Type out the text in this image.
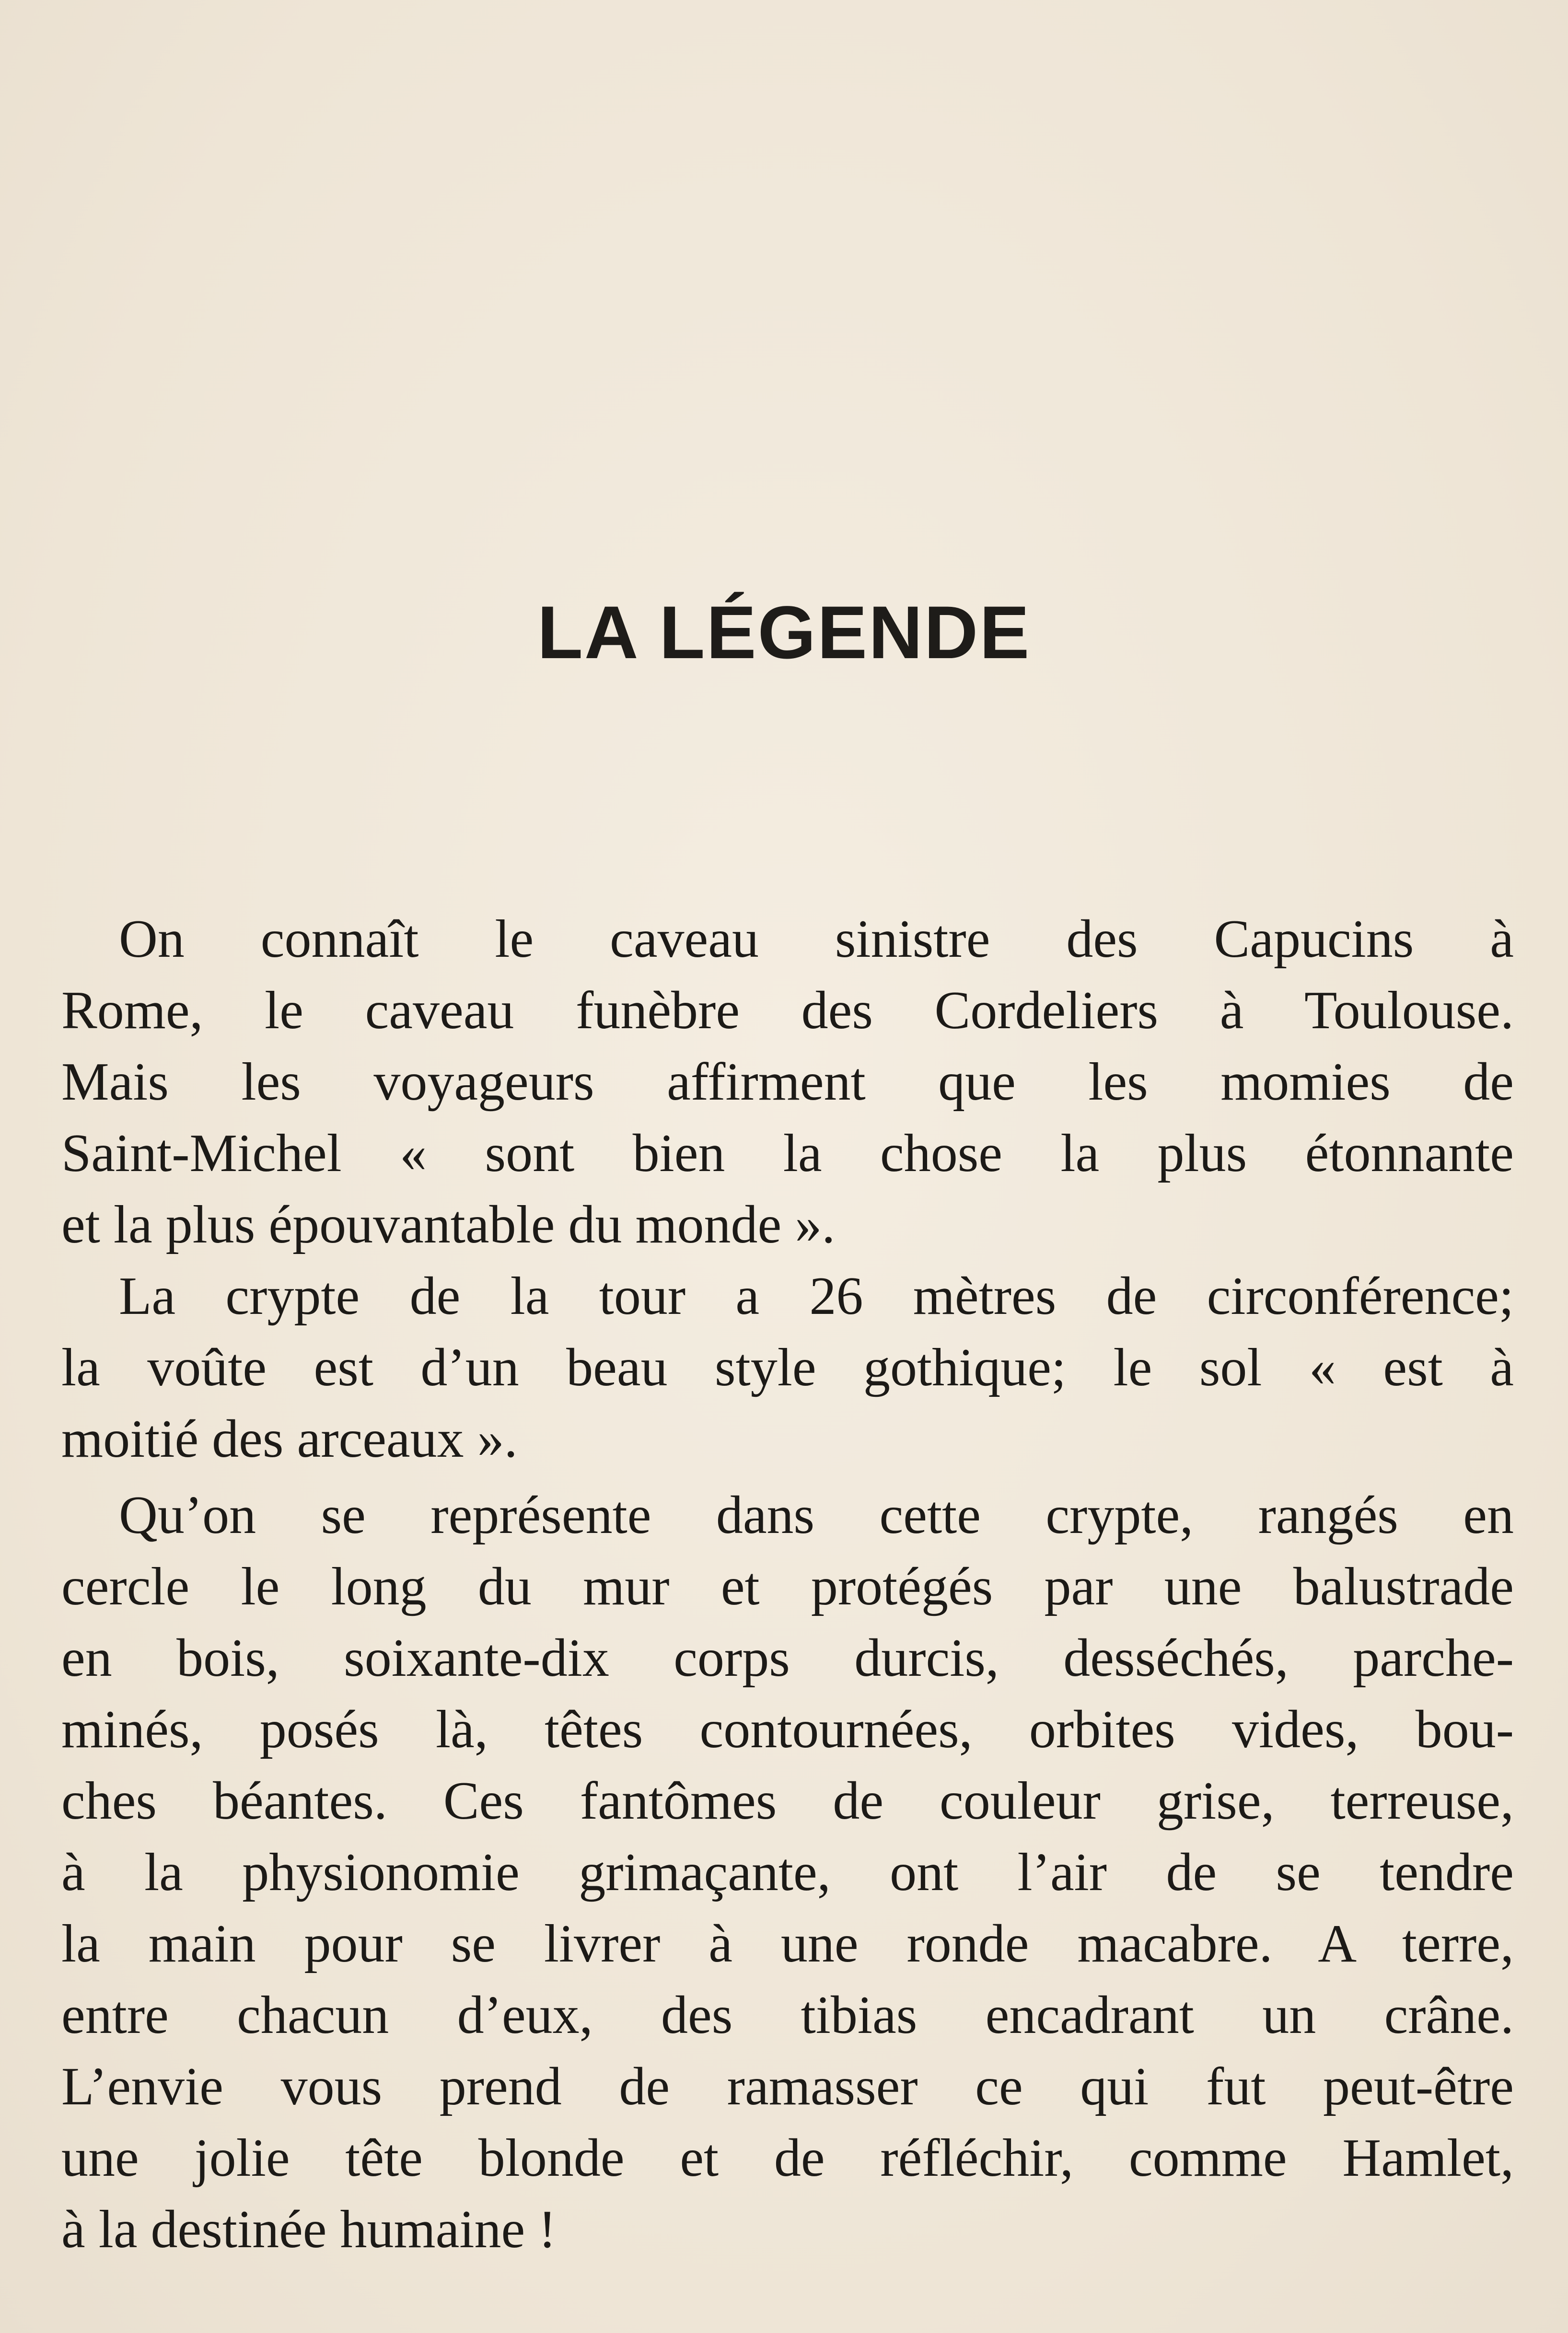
LA LÉGENDE
On connaît le caveau sinistre des Capucins à
Rome, le caveau funèbre des Cordeliers à Toulouse.
Mais les voyageurs affirment que les momies de
Saint-Michel « sont bien la chose la plus étonnante
et la plus épouvantable du monde ».
La crypte de la tour a 26 mètres de circonférence;
la voûte est d’un beau style gothique; le sol « est à
moitié des arceaux ».
Qu’on se représente dans cette crypte, rangés en
cercle le long du mur et protégés par une balustrade
en bois, soixante-dix corps durcis, desséchés, parche-
minés, posés là, têtes contournées, orbites vides, bou-
ches béantes. Ces fantômes de couleur grise, terreuse,
à la physionomie grimaçante, ont l’air de se tendre
la main pour se livrer à une ronde macabre. A terre,
entre chacun d’eux, des tibias encadrant un crâne.
L’envie vous prend de ramasser ce qui fut peut-être
une jolie tête blonde et de réfléchir, comme Hamlet,
à la destinée humaine !
